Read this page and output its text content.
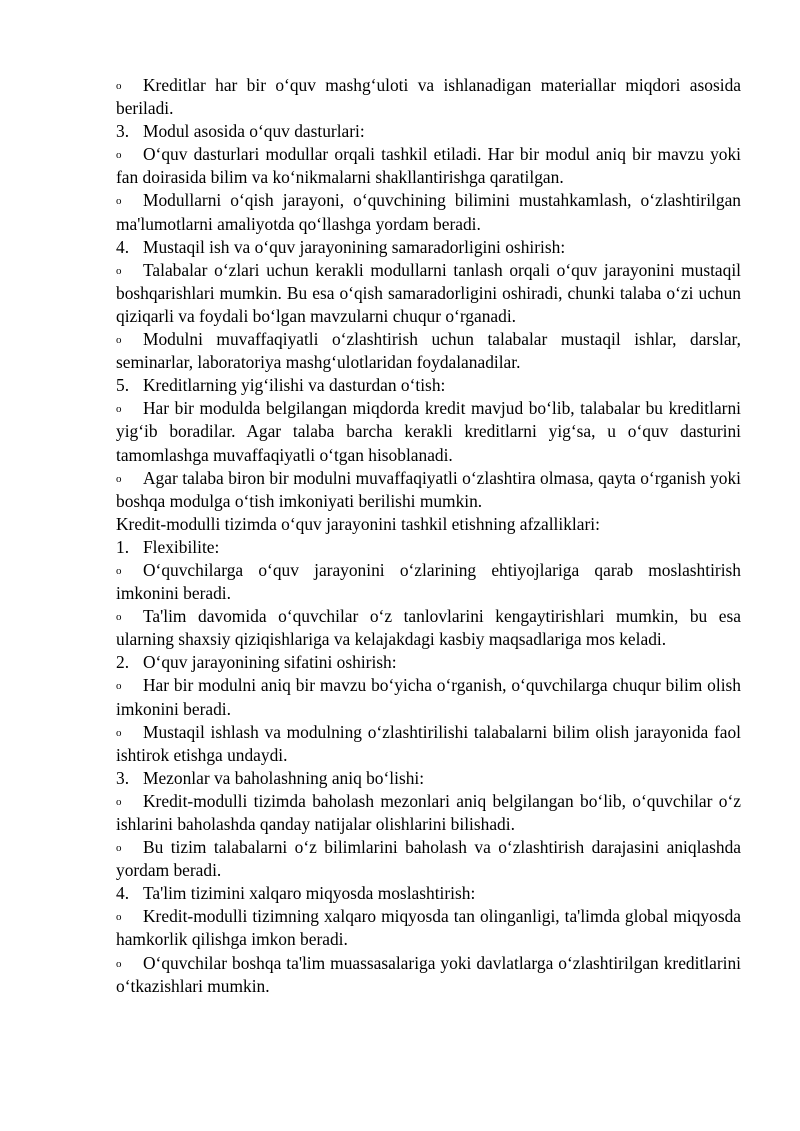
o Kreditlar har bir o‘quv mashg‘uloti va ishlanadigan materiallar miqdori asosida beriladi.

3. Modul asosida o‘quv dasturlari:

o O‘quv dasturlari modullar orqali tashkil etiladi. Har bir modul aniq bir mavzu yoki fan doirasida bilim va ko‘nikmalarni shakllantirishga qaratilgan.

o Modullarni o‘qish jarayoni, o‘quvchining bilimini mustahkamlash, o‘zlashtirilgan ma'lumotlarni amaliyotda qo‘llashga yordam beradi.

4. Mustaqil ish va o‘quv jarayonining samaradorligini oshirish:

o Talabalar o‘zlari uchun kerakli modullarni tanlash orqali o‘quv jarayonini mustaqil boshqarishlari mumkin. Bu esa o‘qish samaradorligini oshiradi, chunki talaba o‘zi uchun qiziqarli va foydali bo‘lgan mavzularni chuqur o‘rganadi.

o Modulni muvaffaqiyatli o‘zlashtirish uchun talabalar mustaqil ishlar, darslar, seminarlar, laboratoriya mashg‘ulotlaridan foydalanadilar.

5. Kreditlarning yig‘ilishi va dasturdan o‘tish:

o Har bir modulda belgilangan miqdorda kredit mavjud bo‘lib, talabalar bu kreditlarni yig‘ib boradilar. Agar talaba barcha kerakli kreditlarni yig‘sa, u o‘quv dasturini tamomlashga muvaffaqiyatli o‘tgan hisoblanadi.

o Agar talaba biron bir modulni muvaffaqiyatli o‘zlashtira olmasa, qayta o‘rganish yoki boshqa modulga o‘tish imkoniyati berilishi mumkin.

Kredit-modulli tizimda o‘quv jarayonini tashkil etishning afzalliklari:

1. Flexibilite:

o O‘quvchilarga o‘quv jarayonini o‘zlarining ehtiyojlariga qarab moslashtirish imkonini beradi.

o Ta'lim davomida o‘quvchilar o‘z tanlovlarini kengaytirishlari mumkin, bu esa ularning shaxsiy qiziqishlariga va kelajakdagi kasbiy maqsadlariga mos keladi.

2. O‘quv jarayonining sifatini oshirish:

o Har bir modulni aniq bir mavzu bo‘yicha o‘rganish, o‘quvchilarga chuqur bilim olish imkonini beradi.

o Mustaqil ishlash va modulning o‘zlashtirilishi talabalarni bilim olish jarayonida faol ishtirok etishga undaydi.

3. Mezonlar va baholashning aniq bo‘lishi:

o Kredit-modulli tizimda baholash mezonlari aniq belgilangan bo‘lib, o‘quvchilar o‘z ishlarini baholashda qanday natijalar olishlarini bilishadi.

o Bu tizim talabalarni o‘z bilimlarini baholash va o‘zlashtirish darajasini aniqlashda yordam beradi.

4. Ta'lim tizimini xalqaro miqyosda moslashtirish:

o Kredit-modulli tizimning xalqaro miqyosda tan olinganligi, ta'limda global miqyosda hamkorlik qilishga imkon beradi.

o O‘quvchilar boshqa ta'lim muassasalariga yoki davlatlarga o‘zlashtirilgan kreditlarini o‘tkazishlari mumkin.
